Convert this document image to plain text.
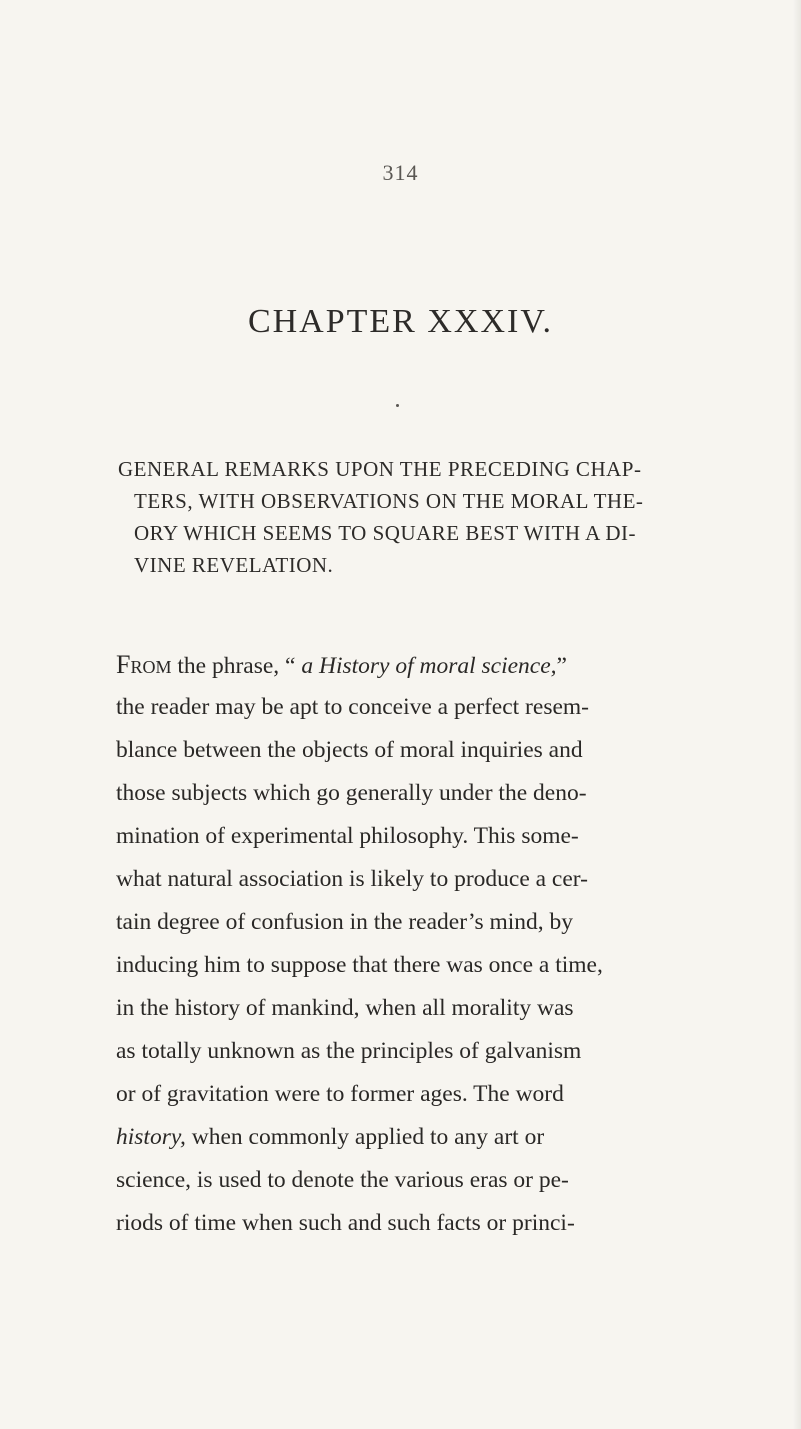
314
CHAPTER XXXIV.
GENERAL REMARKS UPON THE PRECEDING CHAP-
TERS, WITH OBSERVATIONS ON THE MORAL THE-
ORY WHICH SEEMS TO SQUARE BEST WITH A DI-
VINE REVELATION.
From the phrase, “ a History of moral science,”
the reader may be apt to conceive a perfect resem-
blance between the objects of moral inquiries and
those subjects which go generally under the deno-
mination of experimental philosophy. This some-
what natural association is likely to produce a cer-
tain degree of confusion in the reader’s mind, by
inducing him to suppose that there was once a time,
in the history of mankind, when all morality was
as totally unknown as the principles of galvanism
or of gravitation were to former ages. The word
history, when commonly applied to any art or
science, is used to denote the various eras or pe-
riods of time when such and such facts or princi-
